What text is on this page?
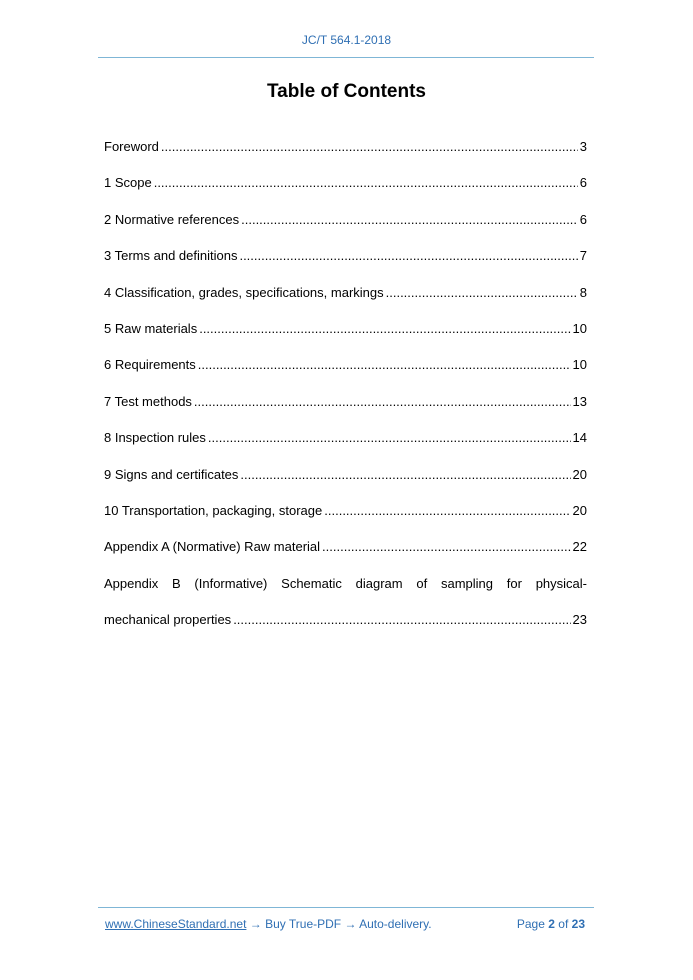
JC/T 564.1-2018
Table of Contents
Foreword .....	3
1 Scope .....	6
2 Normative references .....	6
3 Terms and definitions .....	7
4 Classification, grades, specifications, markings .....	8
5 Raw materials .....	10
6 Requirements .....	10
7 Test methods .....	13
8 Inspection rules .....	14
9 Signs and certificates .....	20
10 Transportation, packaging, storage .....	20
Appendix A (Normative) Raw material .....	22
Appendix B (Informative) Schematic diagram of sampling for physical-
mechanical properties .....	23
www.ChineseStandard.net → Buy True-PDF → Auto-delivery.	Page 2 of 23
